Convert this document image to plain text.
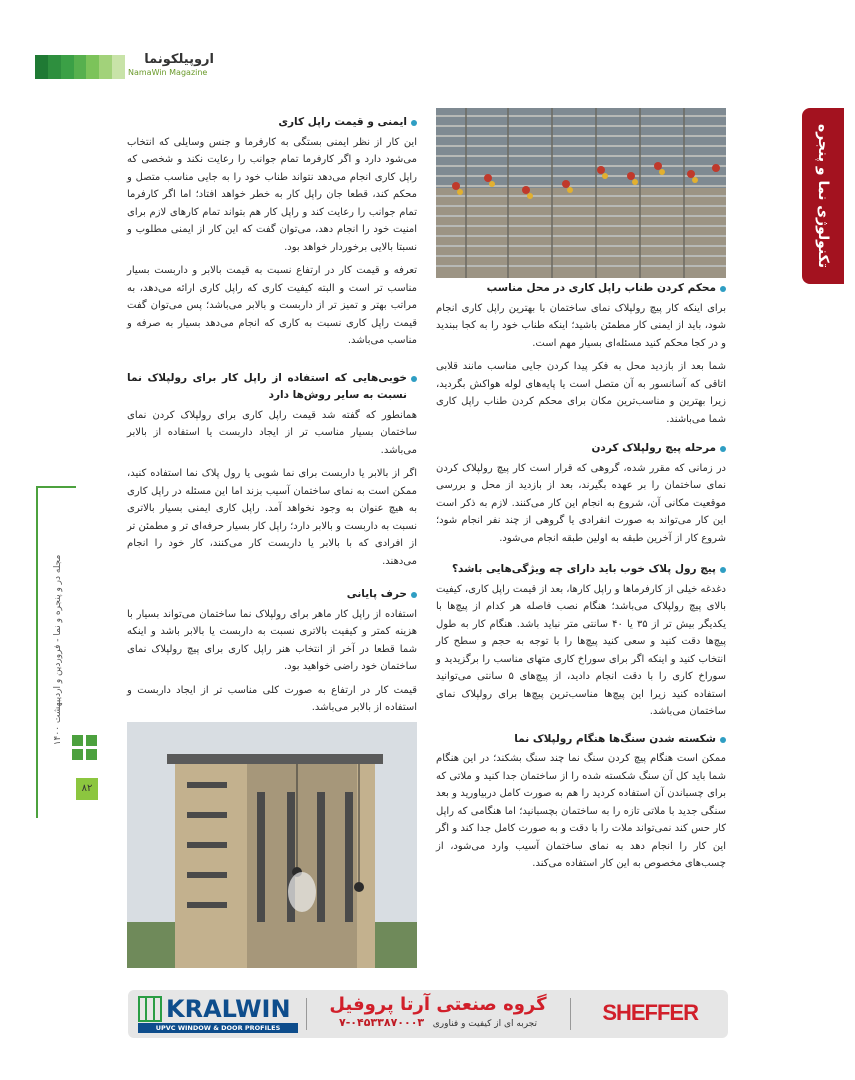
اروپیلکو‌نما
NamaWin Magazine
تکنولوژی نما و پنجره
مجله در و پنجره و نما - فروردین و اردیبهشت ۱۴۰۰
۸۲
محکم کردن طناب راپل کاری در محل مناسب

برای اینکه کار پیچ رولپلاک نمای ساختمان با بهترین راپل کاری انجام شود، باید از ایمنی کار مطمئن باشید؛ اینکه طناب خود را به کجا ببندید و در کجا محکم کنید مسئله‌ای بسیار مهم است.

شما بعد از بازدید محل به فکر پیدا کردن جایی مناسب مانند قلابی اتاقی که آسانسور به آن متصل است یا پایه‌های لوله هواکش بگردید، زیرا بهترین و مناسب‌ترین مکان برای محکم کردن طناب راپل کاری شما می‌باشند.

مرحله پیچ رولپلاک کردن

در زمانی که مقرر شده، گروهی که قرار است کار پیچ رولپلاک کردن نمای ساختمان را بر عهده بگیرند، بعد از بازدید از محل و بررسی موقعیت مکانی آن، شروع به انجام این کار می‌کنند. لازم به ذکر است این کار می‌تواند به صورت انفرادی یا گروهی از چند نفر انجام شود؛ شروع کار از آخرین طبقه به اولین طبقه انجام می‌شود.

پیچ رول پلاک خوب باید دارای چه ویژگی‌هایی باشد؟

دغدغه خیلی از کارفرماها و راپل کارها، بعد از قیمت راپل کاری، کیفیت بالای پیچ رولپلاک می‌باشد؛ هنگام نصب فاصله هر کدام از پیچ‌ها با یکدیگر بیش تر از ۳۵ یا ۴۰ سانتی متر نباید باشد. هنگام کار به طول پیچ‌ها دقت کنید و سعی کنید پیچ‌ها را با توجه به حجم و سطح کار انتخاب کنید و اینکه اگر برای سوراخ کاری متهای مناسب را برگزیدید و سوراخ کاری را با دقت انجام دادید، از پیچ‌های ۵ سانتی می‌توانید استفاده کنید زیرا این پیچ‌ها مناسب‌ترین پیچ‌ها برای رولپلاک نمای ساختمان می‌باشد.

شکسته شدن سنگ‌ها هنگام رولپلاک نما

ممکن است هنگام پیچ کردن سنگ نما چند سنگ بشکند؛ در این هنگام شما باید کل آن سنگ شکسته شده را از ساختمان جدا کنید و ملاتی که برای چسباندن آن استفاده کردید را هم به صورت کامل دربیاورید و بعد سنگی جدید با ملاتی تازه را به ساختمان بچسبانید؛ اما هنگامی که راپل کار حس کند نمی‌تواند ملات را با دقت و به صورت کامل جدا کند و اگر این کار را انجام دهد به نمای ساختمان آسیب وارد می‌شود، از چسب‌های مخصوص به این کار استفاده می‌کند.

ایمنی و قیمت راپل کاری

این کار از نظر ایمنی بستگی به کارفرما و جنس وسایلی که انتخاب می‌شود دارد و اگر کارفرما تمام جوانب را رعایت نکند و شخصی که راپل کاری انجام می‌دهد نتواند طناب خود را به جایی مناسب متصل و محکم کند، قطعا جان راپل کار به خطر خواهد افتاد؛ اما اگر کارفرما تمام جوانب را رعایت کند و راپل کار هم بتواند تمام کارهای لازم برای امنیت خود را انجام دهد، می‌توان گفت که این کار از ایمنی مطلوب و نسبتا بالایی برخوردار خواهد بود.

تعرفه و قیمت کار در ارتفاع نسبت به قیمت بالابر و داربست بسیار مناسب تر است و البته کیفیت کاری که راپل کاری ارائه می‌دهد، به مراتب بهتر و تمیز تر از داربست و بالابر می‌باشد؛ پس می‌توان گفت قیمت راپل کاری نسبت به کاری که انجام می‌دهد بسیار به صرفه و مناسب می‌باشد.

خوبی‌هایی که استفاده از راپل کار برای رولپلاک نما نسبت به سایر روش‌ها دارد

همانطور که گفته شد قیمت راپل کاری برای رولپلاک کردن نمای ساختمان بسیار مناسب تر از ایجاد داربست یا استفاده از بالابر می‌باشد.

اگر از بالابر یا داربست برای نما شویی یا رول پلاک نما استفاده کنید، ممکن است به نمای ساختمان آسیب بزند اما این مسئله در راپل کاری به هیچ عنوان به وجود نخواهد آمد. راپل کاری ایمنی بسیار بالاتری نسبت به داربست و بالابر دارد؛ راپل کار بسیار حرفه‌ای تر و مطمئن تر از افرادی که با بالابر یا داربست کار می‌کنند، کار خود را انجام می‌دهند.

حرف پایانی

استفاده از راپل کار ماهر برای رولپلاک نما ساختمان می‌تواند بسیار با هزینه کمتر و کیفیت بالاتری نسبت به داربست یا بالابر باشد و اینکه شما قطعا در آخر از انتخاب هنر راپل کاری برای پیچ رولپلاک نمای ساختمان خود راضی خواهید بود.

قیمت کار در ارتفاع به صورت کلی مناسب تر از ایجاد داربست و استفاده از بالابر می‌باشد.

KRALWIN
UPVC WINDOW & DOOR PROFILES
گروه صنعتی آرتا پروفیل
تجربه ای از کیفیت و فناوری   ۰۴۵۳۳۸۷۰۰۰۳-۷	SHEFFER
